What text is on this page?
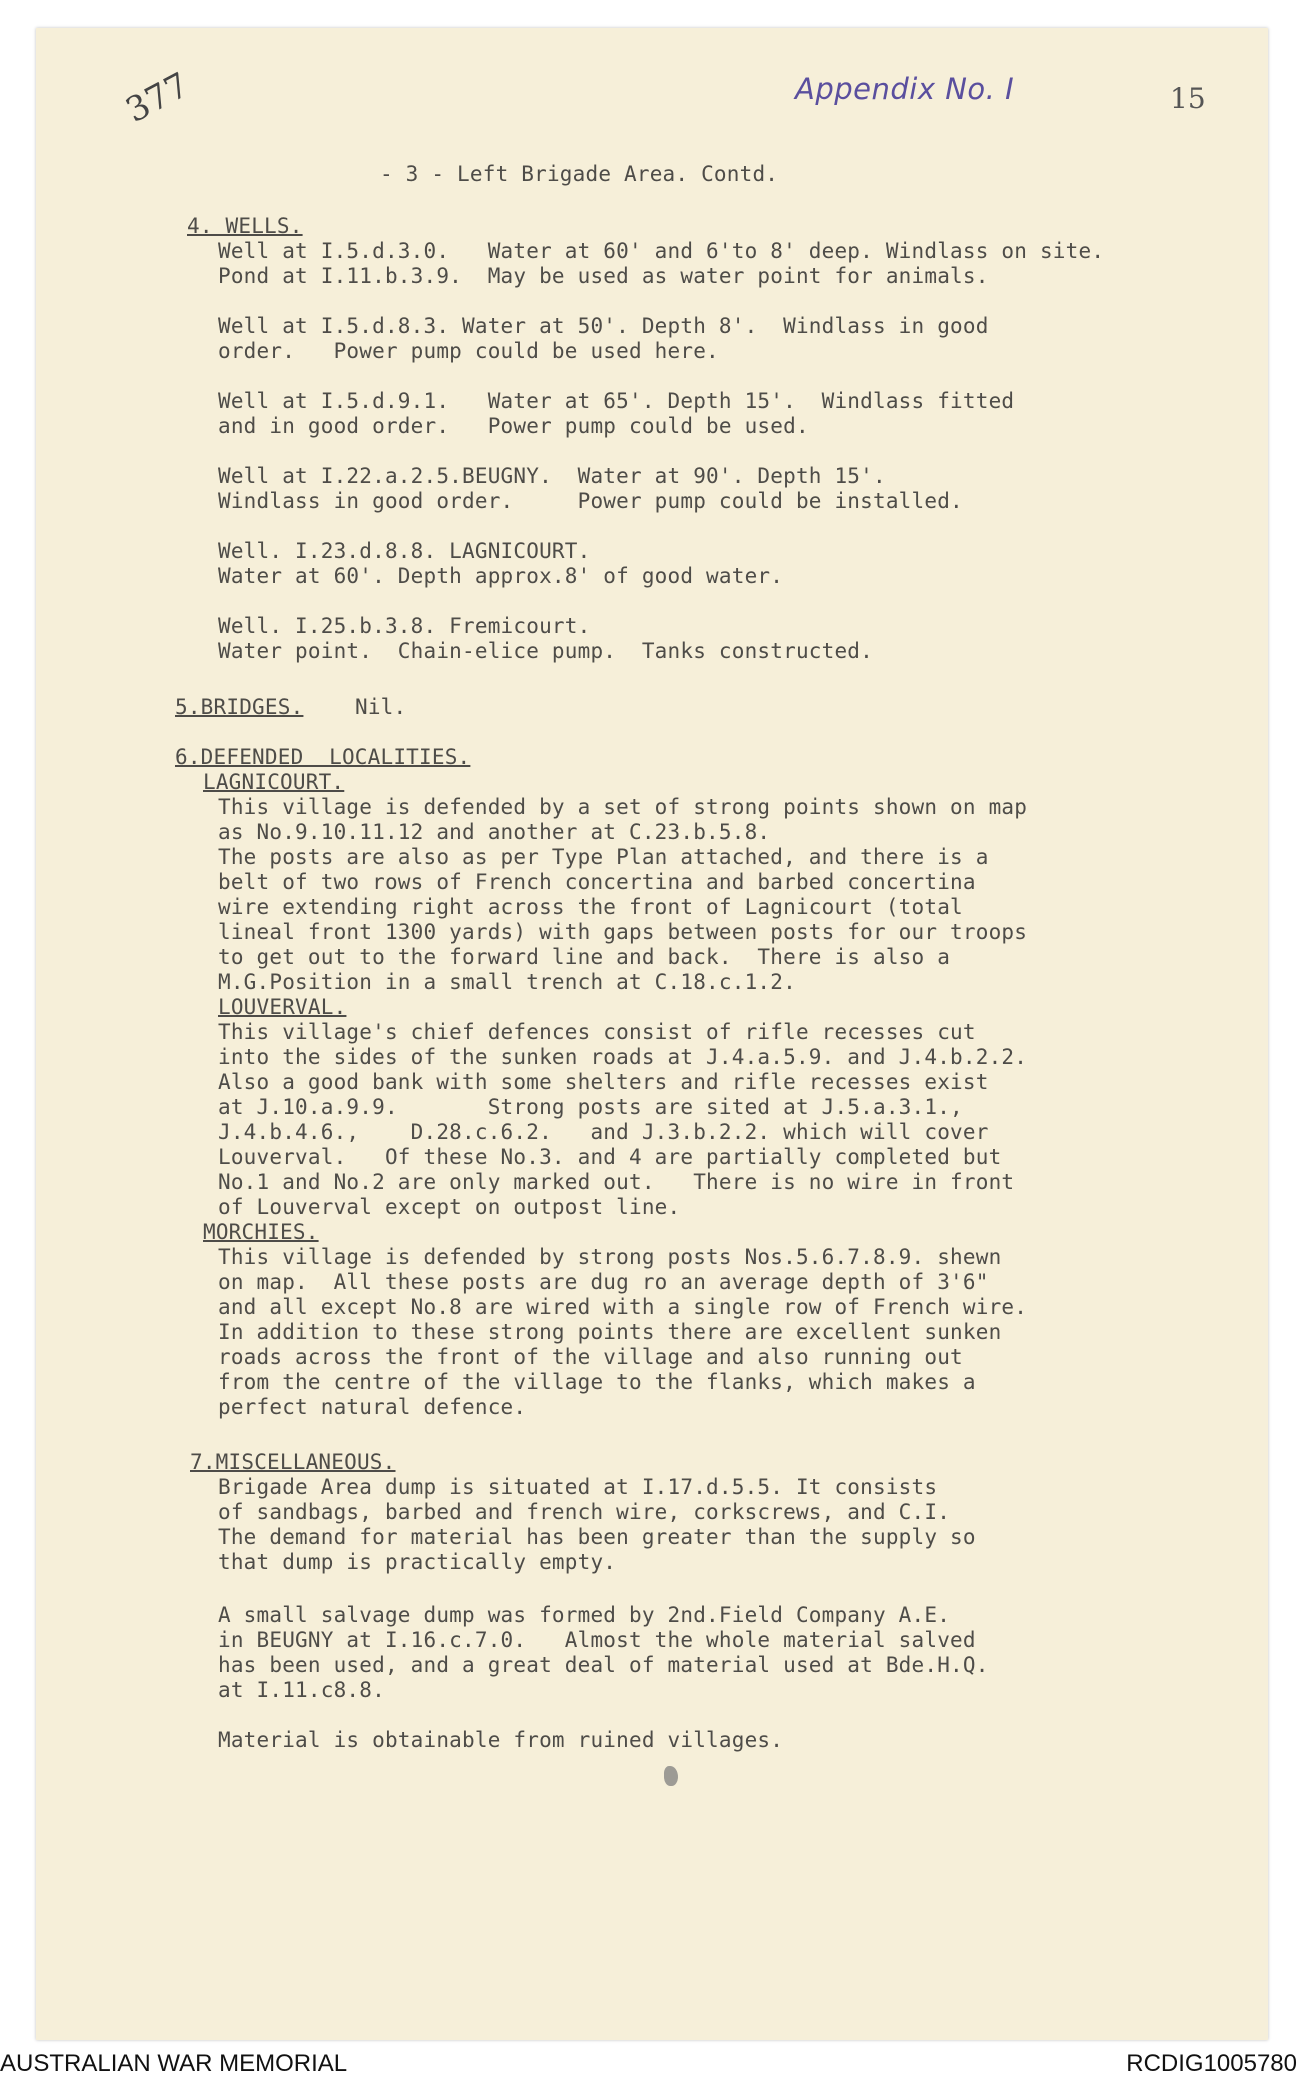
377	Appendix No. I	15
- 3 - Left Brigade Area. Contd.
4. WELLS.
Well at I.5.d.3.0.   Water at 60' and 6'to 8' deep. Windlass on site.
Pond at I.11.b.3.9.  May be used as water point for animals.
Well at I.5.d.8.3. Water at 50'. Depth 8'.  Windlass in good
order.   Power pump could be used here.
Well at I.5.d.9.1.   Water at 65'. Depth 15'.  Windlass fitted
and in good order.   Power pump could be used.
Well at I.22.a.2.5.BEUGNY.  Water at 90'. Depth 15'.
Windlass in good order.     Power pump could be installed.
Well. I.23.d.8.8. LAGNICOURT.
Water at 60'. Depth approx.8' of good water.
Well. I.25.b.3.8. Fremicourt.
Water point.  Chain-elice pump.  Tanks constructed.
5.BRIDGES. Nil.
6.DEFENDED  LOCALITIES.
LAGNICOURT.
This village is defended by a set of strong points shown on map
as No.9.10.11.12 and another at C.23.b.5.8.
The posts are also as per Type Plan attached, and there is a
belt of two rows of French concertina and barbed concertina
wire extending right across the front of Lagnicourt (total
lineal front 1300 yards) with gaps between posts for our troops
to get out to the forward line and back.  There is also a
M.G.Position in a small trench at C.18.c.1.2.
LOUVERVAL.
This village's chief defences consist of rifle recesses cut
into the sides of the sunken roads at J.4.a.5.9. and J.4.b.2.2.
Also a good bank with some shelters and rifle recesses exist
at J.10.a.9.9.       Strong posts are sited at J.5.a.3.1.,
J.4.b.4.6.,    D.28.c.6.2.   and J.3.b.2.2. which will cover
Louverval.   Of these No.3. and 4 are partially completed but
No.1 and No.2 are only marked out.   There is no wire in front
of Louverval except on outpost line.
MORCHIES.
This village is defended by strong posts Nos.5.6.7.8.9. shewn
on map.  All these posts are dug ro an average depth of 3'6"
and all except No.8 are wired with a single row of French wire.
In addition to these strong points there are excellent sunken
roads across the front of the village and also running out
from the centre of the village to the flanks, which makes a
perfect natural defence.
7.MISCELLANEOUS.
Brigade Area dump is situated at I.17.d.5.5. It consists
of sandbags, barbed and french wire, corkscrews, and C.I.
The demand for material has been greater than the supply so
that dump is practically empty.
A small salvage dump was formed by 2nd.Field Company A.E.
in BEUGNY at I.16.c.7.0.   Almost the whole material salved
has been used, and a great deal of material used at Bde.H.Q.
at I.11.c8.8.
Material is obtainable from ruined villages.
AUSTRALIAN WAR MEMORIAL	RCDIG1005780
